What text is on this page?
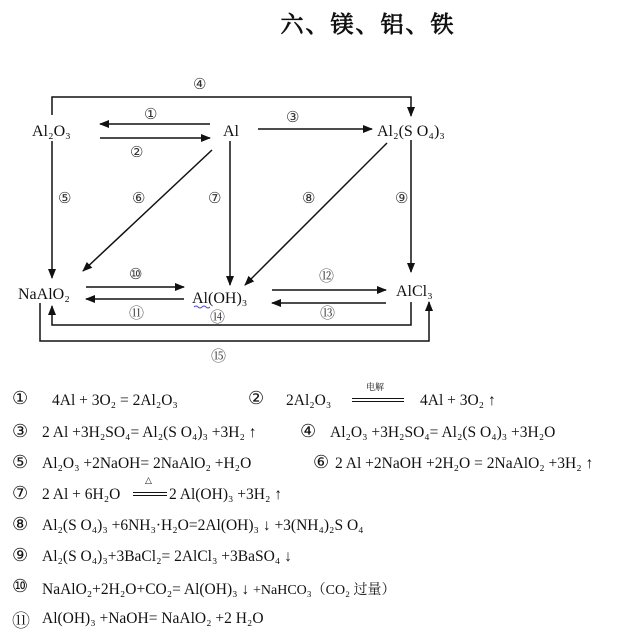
六、镁、铝、铁
Al₂O₃	Al	Al₂(S O₄)₃
NaAlO₂	Al(OH)₃	AlCl₃
④
①	③
②
⑤	⑥	⑦	⑧	⑨
⑩	⑫
⑪	⑬
⑭
⑮
① 4Al + 3O₂ = 2Al₂O₃	② 2Al₂O₃
电解
4Al + 3O₂ ↑
③ 2 Al +3H₂SO₄= Al₂(S O₄)₃ +3H₂ ↑ ④ Al₂O₃ +3H₂SO₄= Al₂(S O₄)₃ +3H₂O
⑤ Al₂O₃ +2NaOH= 2NaAlO₂ +H₂O	⑥ 2 Al +2NaOH +2H₂O = 2NaAlO₂ +3H₂ ↑
⑦ 2 Al + 6H₂O
△
2 Al(OH)₃ +3H₂ ↑
⑧ Al₂(S O₄)₃ +6NH₃·H₂O=2Al(OH)₃ ↓ +3(NH₄)₂S O₄
⑨ Al₂(S O₄)₃+3BaCl₂= 2AlCl₃ +3BaSO₄ ↓
⑩ NaAlO₂+2H₂O+CO₂= Al(OH)₃ ↓ +NaHCO₃（CO₂ 过量）
⑪ Al(OH)₃ +NaOH= NaAlO₂ +2 H₂O
